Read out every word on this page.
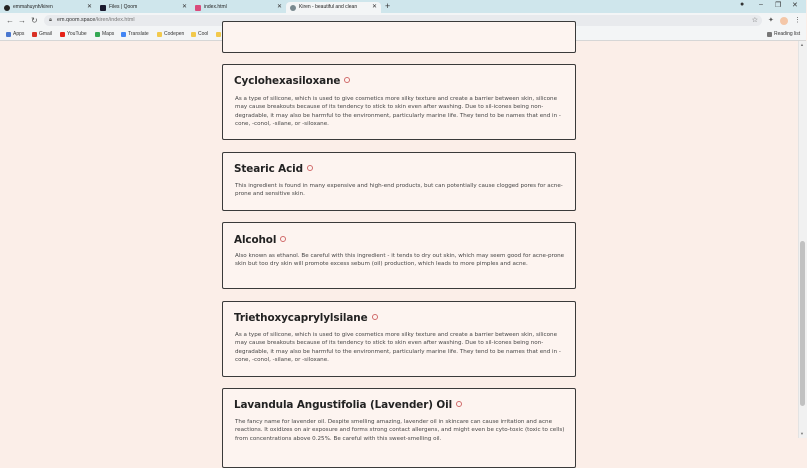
emmahuynh/kiren	✕	Files | Qoom	✕	index.html	✕	Kiren - beautiful and clean ✕ +	● – ❐ ✕
← → ↻ 🔒︎ em.qoom.space/kiren/index.html	☆ ✦	⋮
Apps	Gmail	YouTube	Maps	Translate	Codepen	Cool	Reading list
Cyclohexasiloxane

As a type of silicone, which is used to give cosmetics more silky texture and create a barrier between skin, silicone may cause breakouts because of its tendency to stick to skin even after washing. Due to sil-icones being non-degradable, it may also be harmful to the environment, particularly marine life. They tend to be names that end in -cone, -conol, -silane, or -siloxane.

Stearic Acid

This ingredient is found in many expensive and high-end products, but can potentially cause clogged pores for acne-prone and sensitive skin.

Alcohol

Also known as ethanol. Be careful with this ingredient - it tends to dry out skin, which may seem good for acne-prone skin but too dry skin will promote excess sebum (oil) production, which leads to more pimples and acne.

Triethoxycaprylylsilane

As a type of silicone, which is used to give cosmetics more silky texture and create a barrier between skin, silicone may cause breakouts because of its tendency to stick to skin even after washing. Due to sil-icones being non-degradable, it may also be harmful to the environment, particularly marine life. They tend to be names that end in -cone, -conol, -silane, or -siloxane.

Lavandula Angustifolia (Lavender) Oil

The fancy name for lavender oil. Despite smelling amazing, lavender oil in skincare can cause irritation and acne reactions. It oxidizes on air exposure and forms strong contact allergens, and might even be cyto-toxic (toxic to cells) from concentrations above 0.25%. Be careful with this sweet-smelling oil.

▲
▼
